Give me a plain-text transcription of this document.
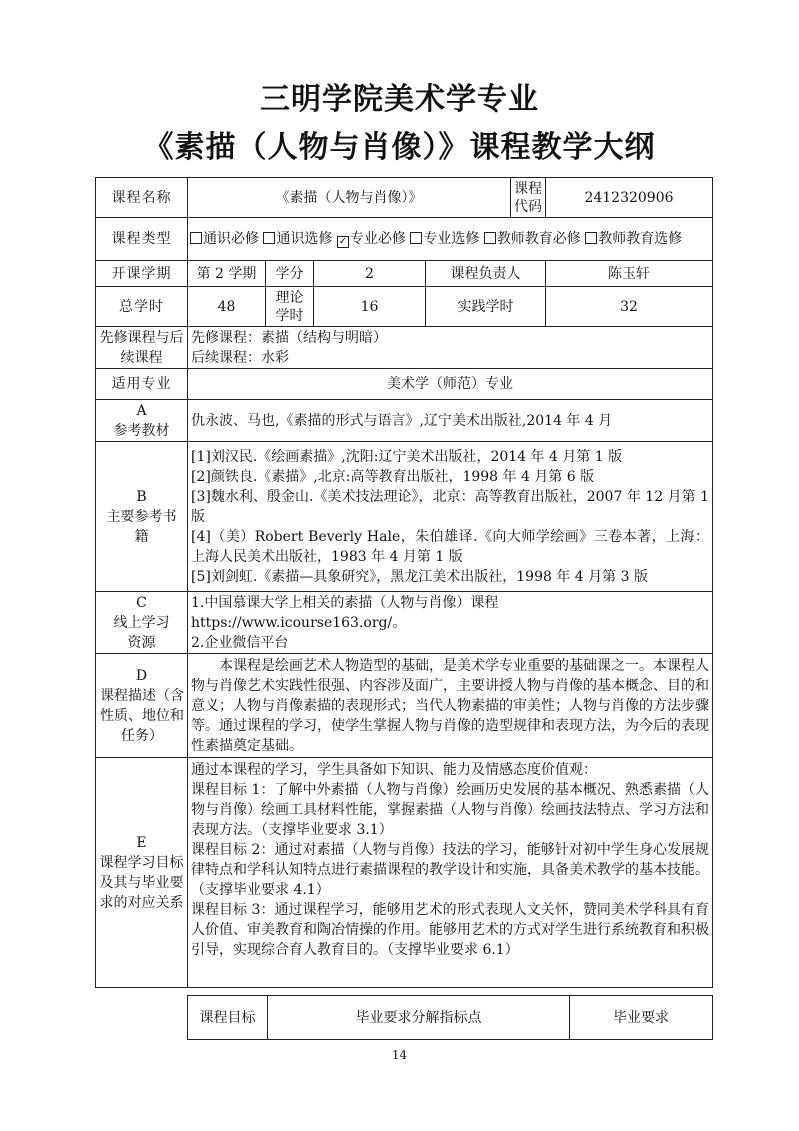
三明学院美术学专业
《素描（人物与肖像）》课程教学大纲
课程名称	《素描（人物与肖像）》				课程代码	2412320906
课程类型	通识必修 通识选修 ✓ 专业必修 专业选修 教师教育必修 教师教育选修					
开课学期	第 2 学期	学分	2	课程负责人		陈玉轩
总学时	48	理论学时	16	实践学时		32
先修课程与后续课程	先修课程：素描（结构与明暗）
后续课程：水彩					

适用专业	美术学（师范）专业					

A
参考教材	仇永波、马也,《素描的形式与语言》,辽宁美术出版社,2014 年 4 月					

B
主要参考书籍	[1]刘汉民.《绘画素描》,沈阳:辽宁美术出版社，2014 年 4 月第 1 版
[2]颜铁良.《素描》,北京:高等教育出版社，1998 年 4 月第 6 版
[3]魏水利、殷金山.《美术技法理论》，北京：高等教育出版社，2007 年 12 月第 1 版
[4]（美）Robert Beverly Hale，朱伯雄译.《向大师学绘画》三卷本著，上海：上海人民美术出版社，1983 年 4 月第 1 版
[5]刘剑虹.《素描—具象研究》，黑龙江美术出版社，1998 年 4 月第 3 版					

C
线上学习资源	1.中国慕课大学上相关的素描（人物与肖像）课程
https://www.icourse163.org/。
2.企业微信平台					

D
课程描述（含性质、地位和任务）	本课程是绘画艺术人物造型的基础，是美术学专业重要的基础课之一。本课程人物与肖像艺术实践性很强、内容涉及面广，主要讲授人物与肖像的基本概念、目的和意义；人物与肖像素描的表现形式；当代人物素描的审美性；人物与肖像的方法步骤等。通过课程的学习，使学生掌握人物与肖像的造型规律和表现方法，为今后的表现性素描奠定基础。					

E
课程学习目标及其与毕业要求的对应关系	通过本课程的学习，学生具备如下知识、能力及情感态度价值观：
课程目标 1：了解中外素描（人物与肖像）绘画历史发展的基本概况、熟悉素描（人物与肖像）绘画工具材料性能，掌握素描（人物与肖像）绘画技法特点、学习方法和表现方法。（支撑毕业要求 3.1）
课程目标 2：通过对素描（人物与肖像）技法的学习，能够针对初中学生身心发展规律特点和学科认知特点进行素描课程的教学设计和实施，具备美术教学的基本技能。（支撑毕业要求 4.1）
课程目标 3：通过课程学习，能够用艺术的形式表现人文关怀，赞同美术学科具有育人价值、审美教育和陶冶情操的作用。能够用艺术的方式对学生进行系统教育和积极引导，实现综合育人教育目的。（支撑毕业要求 6.1）					
课程目标	毕业要求分解指标点	毕业要求
14
